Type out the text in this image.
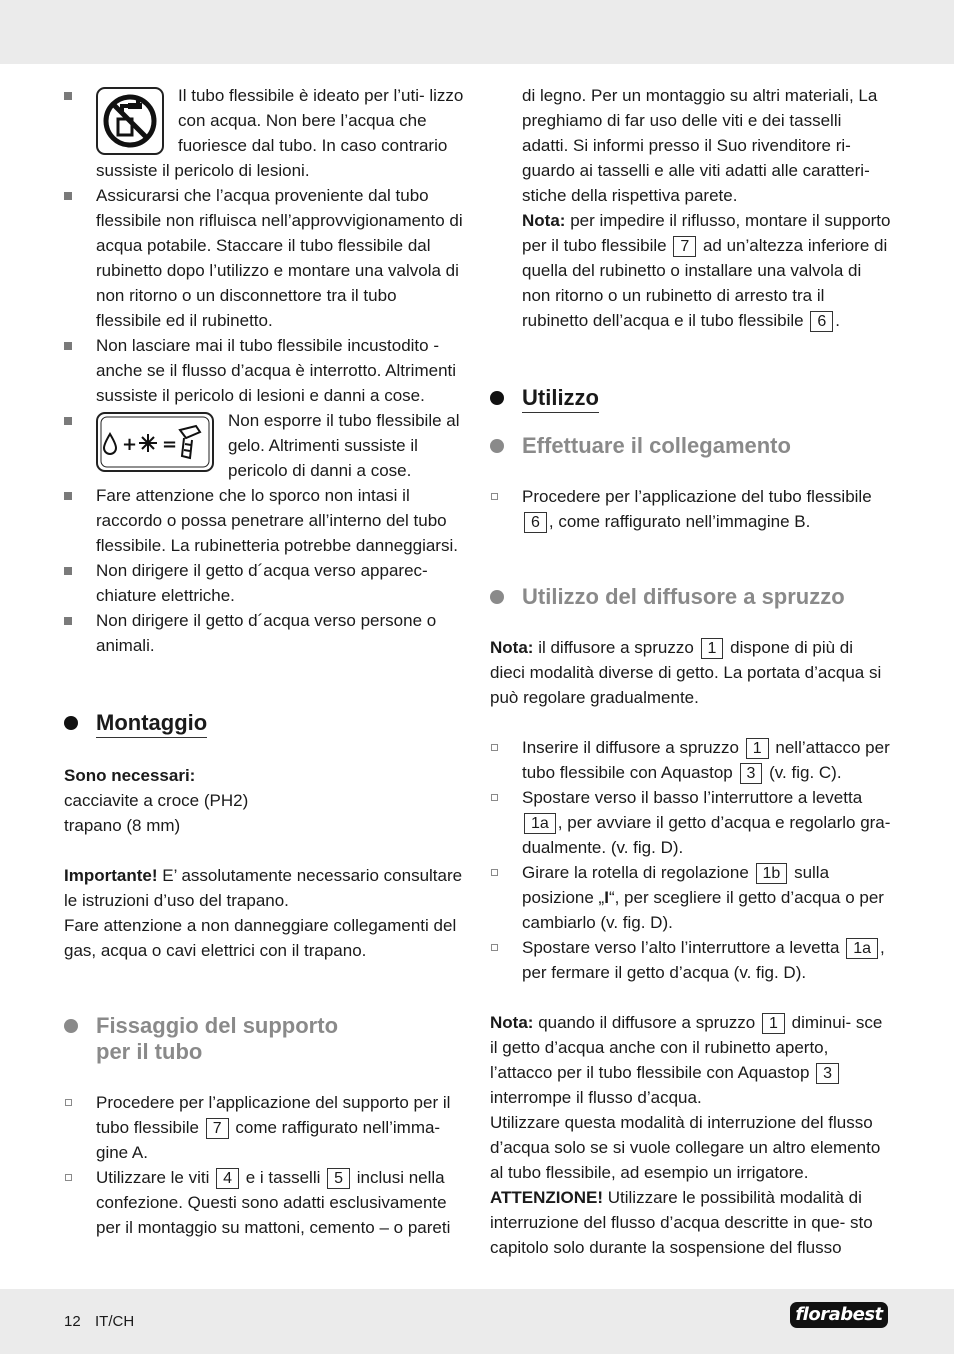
Il tubo flessibile è ideato per l’uti- lizzo con acqua. Non bere l’acqua che fuoriesce dal tubo. In caso contrario sussiste il pericolo di lesioni.

Assicurarsi che l’acqua proveniente dal tubo flessibile non rifluisca nell’approvvigionamento di acqua potabile. Staccare il tubo flessibile dal rubinetto dopo l’utilizzo e montare una valvola di non ritorno o un disconnettore tra il tubo flessibile ed il rubinetto.

Non lasciare mai il tubo flessibile incustodito - anche se il flusso d’acqua è interrotto. Altrimenti sussiste il pericolo di lesioni e danni a cose.

+ =

Non esporre il tubo flessibile al gelo. Altrimenti sussiste il pericolo di danni a cose.

Fare attenzione che lo sporco non intasi il raccordo o possa penetrare all’interno del tubo flessibile. La rubinetteria potrebbe danneggiarsi.

Non dirigere il getto d´acqua verso apparec- chiature elettriche.

Non dirigere il getto d´acqua verso persone o animali.

Montaggio

Sono necessari:
cacciavite a croce (PH2)
trapano (8 mm)

Importante! E’ assolutamente necessario consultare le istruzioni d’uso del trapano.

Fare attenzione a non danneggiare collegamenti del gas, acqua o cavi elettrici con il trapano.

Fissaggio del supporto
per il tubo

Procedere per l’applicazione del supporto per il tubo flessibile 7 come raffigurato nell’imma- gine A.

Utilizzare le viti 4 e i tasselli 5 inclusi nella confezione. Questi sono adatti esclusivamente per il montaggio su mattoni, cemento – o pareti

di legno. Per un montaggio su altri materiali, La preghiamo di far uso delle viti e dei tasselli adatti. Si informi presso il Suo rivenditore ri- guardo ai tasselli e alle viti adatti alle caratteri- stiche della rispettiva parete.

Nota: per impedire il riflusso, montare il supporto per il tubo flessibile 7 ad un’altezza inferiore di quella del rubinetto o installare una valvola di non ritorno o un rubinetto di arresto tra il rubinetto dell’acqua e il tubo flessibile 6 .

Utilizzo
Effettuare il collegamento

Procedere per l’applicazione del tubo flessibile 6 , come raffigurato nell’immagine B.

Utilizzo del diffusore a spruzzo

Nota: il diffusore a spruzzo 1 dispone di più di dieci modalità diverse di getto. La portata d’acqua si può regolare gradualmente.

Inserire il diffusore a spruzzo 1 nell’attacco per tubo flessibile con Aquastop 3 (v. fig. C).

Spostare verso il basso l’interruttore a levetta 1a , per avviare il getto d’acqua e regolarlo gra- dualmente. (v. fig. D).

Girare la rotella di regolazione 1b sulla posizione „I“, per scegliere il getto d’acqua o per cambiarlo (v. fig. D).

Spostare verso l’alto l’interruttore a levetta 1a , per fermare il getto d’acqua (v. fig. D).

Nota: quando il diffusore a spruzzo 1 diminui- sce il getto d’acqua anche con il rubinetto aperto, l’attacco per il tubo flessibile con Aquastop 3 interrompe il flusso d’acqua.

Utilizzare questa modalità di interruzione del flusso d’acqua solo se si vuole collegare un altro elemento al tubo flessibile, ad esempio un irrigatore.

ATTENZIONE! Utilizzare le possibilità modalità di interruzione del flusso d’acqua descritte in que- sto capitolo solo durante la sospensione del flusso

12 IT/CH	florabest
